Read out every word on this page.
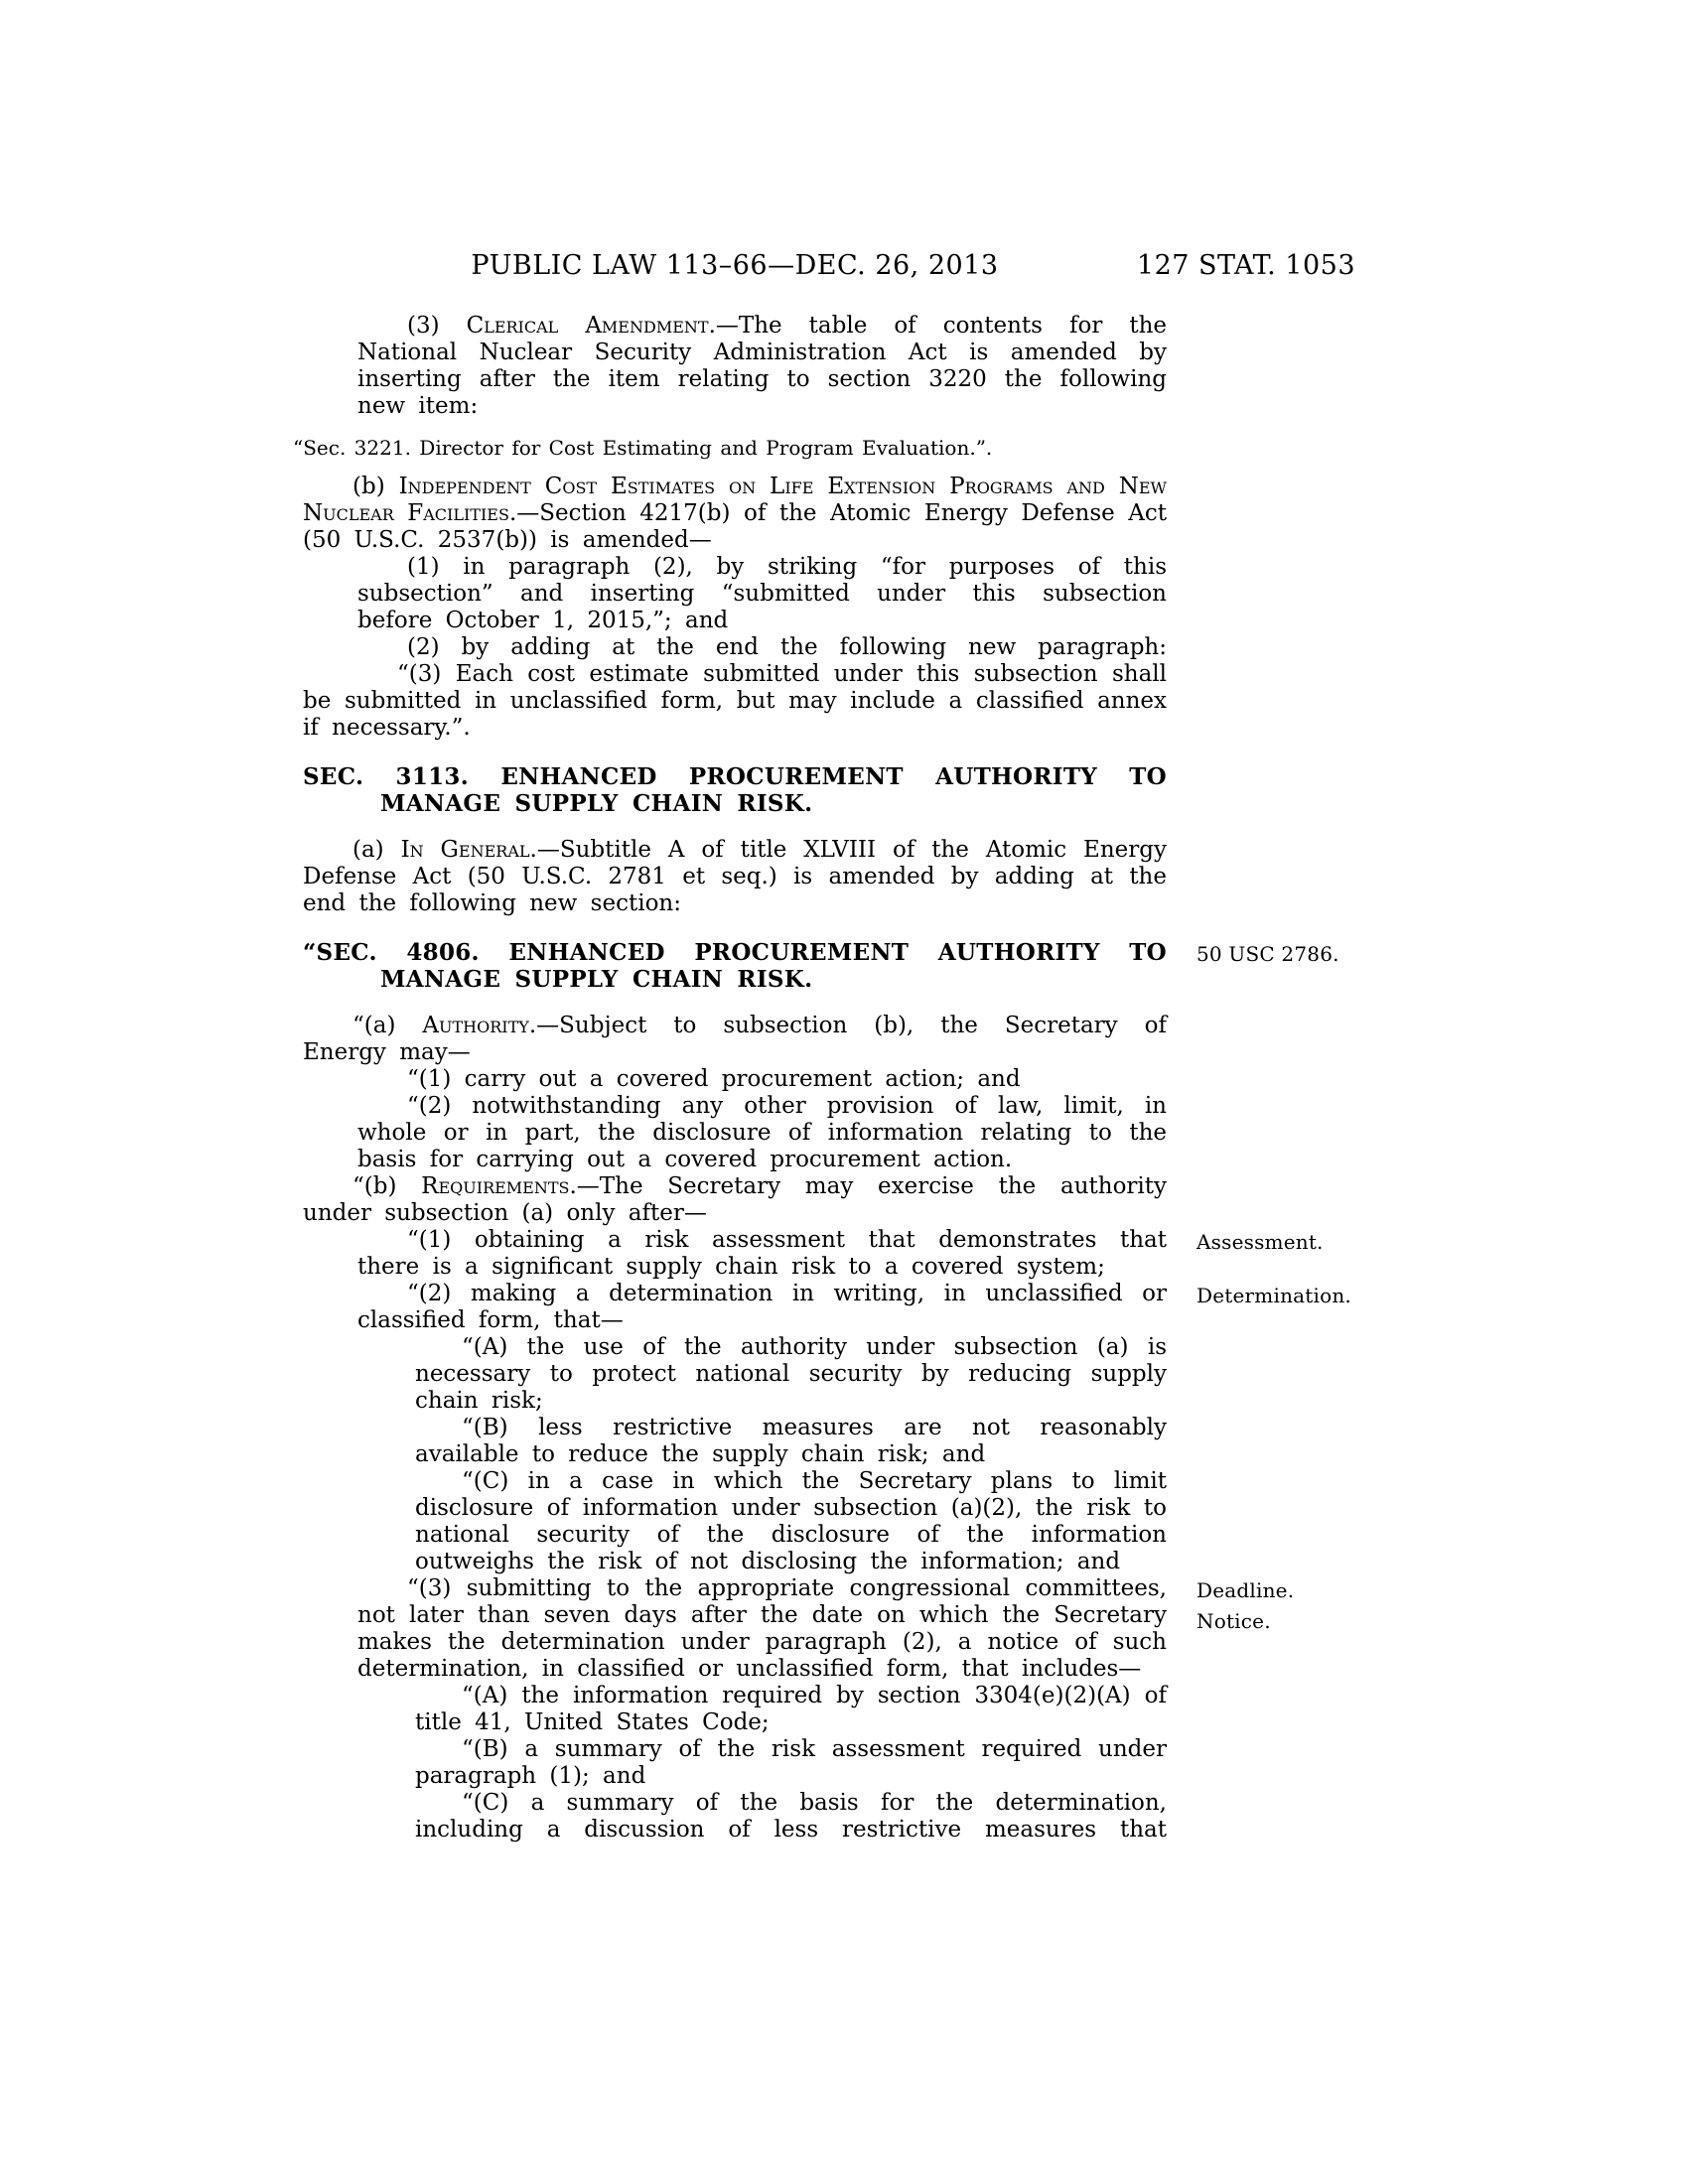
PUBLIC LAW 113–66—DEC. 26, 2013	127 STAT. 1053

(3) Clerical Amendment.—The table of contents for the National Nuclear Security Administration Act is amended by inserting after the item relating to section 3220 the following new item:

“Sec. 3221. Director for Cost Estimating and Program Evaluation.”.

(b) Independent Cost Estimates on Life Extension Programs and New Nuclear Facilities.—Section 4217(b) of the Atomic Energy Defense Act (50 U.S.C. 2537(b)) is amended—

(1) in paragraph (2), by striking “for purposes of this subsection” and inserting “submitted under this subsection before October 1, 2015,”; and

(2) by adding at the end the following new paragraph:

“(3) Each cost estimate submitted under this subsection shall be submitted in unclassified form, but may include a classified annex if necessary.”.

SEC. 3113. ENHANCED PROCUREMENT AUTHORITY TO MANAGE SUPPLY CHAIN RISK.

(a) In General.—Subtitle A of title XLVIII of the Atomic Energy Defense Act (50 U.S.C. 2781 et seq.) is amended by adding at the end the following new section:

“SEC. 4806. ENHANCED PROCUREMENT AUTHORITY TO MANAGE SUPPLY CHAIN RISK.
50 USC 2786.

“(a) Authority.—Subject to subsection (b), the Secretary of Energy may—

“(1) carry out a covered procurement action; and

“(2) notwithstanding any other provision of law, limit, in whole or in part, the disclosure of information relating to the basis for carrying out a covered procurement action.

“(b) Requirements.—The Secretary may exercise the authority under subsection (a) only after—

“(1) obtaining a risk assessment that demonstrates that there is a significant supply chain risk to a covered system;
Assessment.

“(2) making a determination in writing, in unclassified or classified form, that—
Determination.

“(A) the use of the authority under subsection (a) is necessary to protect national security by reducing supply chain risk;

“(B) less restrictive measures are not reasonably available to reduce the supply chain risk; and

“(C) in a case in which the Secretary plans to limit disclosure of information under subsection (a)(2), the risk to national security of the disclosure of the information outweighs the risk of not disclosing the information; and

“(3) submitting to the appropriate congressional committees, not later than seven days after the date on which the Secretary makes the determination under paragraph (2), a notice of such determination, in classified or unclassified form, that includes—
Deadline.
Notice.

“(A) the information required by section 3304(e)(2)(A) of title 41, United States Code;

“(B) a summary of the risk assessment required under paragraph (1); and

“(C) a summary of the basis for the determination, including a discussion of less restrictive measures that
